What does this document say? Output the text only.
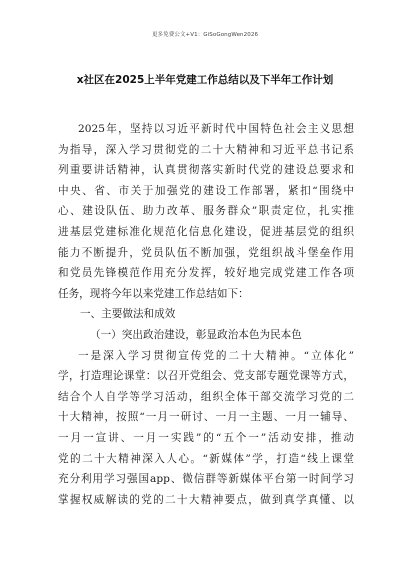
更多免费公文+V1：GiSoGongWen2026
x社区在2025上半年党建工作总结以及下半年工作计划
2025年，坚持以习近平新时代中国特色社会主义思想
为指导，深入学习贯彻党的二十大精神和习近平总书记系
列重要讲话精神，认真贯彻落实新时代党的建设总要求和
中央、省、市关于加强党的建设工作部署，紧扣“围绕中
心、建设队伍、助力改革、服务群众”职责定位，扎实推
进基层党建标准化规范化信息化建设，促进基层党的组织
能力不断提升，党员队伍不断加强，党组织战斗堡垒作用
和党员先锋模范作用充分发挥，较好地完成党建工作各项
任务，现将今年以来党建工作总结如下：
一、主要做法和成效
（一）突出政治建设，彰显政治本色为民本色
一是深入学习贯彻宣传党的二十大精神。“立体化”
学，打造理论课堂：以召开党组会、党支部专题党课等方式，
结合个人自学等学习活动，组织全体干部交流学习党的二
十大精神，按照“一月一研讨、一月一主题、一月一辅导、
一月一宣讲、一月一实践”的“五个一”活动安排，推动
党的二十大精神深入人心。“新媒体”学，打造“线上课堂
充分利用学习强国app、微信群等新媒体平台第一时间学习
掌握权威解读的党的二十大精神要点，做到真学真懂、以
